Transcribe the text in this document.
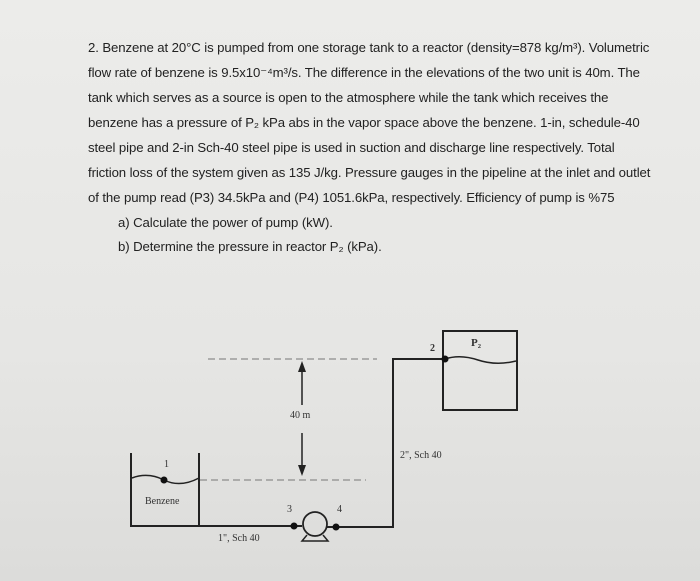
2. Benzene at 20°C is pumped from one storage tank to a reactor (density=878 kg/m³). Volumetric
flow rate of benzene is 9.5x10⁻⁴m³/s. The difference in the elevations of the two unit is 40m. The
tank which serves as a source is open to the atmosphere while the tank which receives the
benzene has a pressure of P₂ kPa abs in the vapor space above the benzene. 1-in, schedule-40
steel pipe and 2-in Sch-40 steel pipe is used in suction and discharge line respectively. Total
friction loss of the system given as 135 J/kg. Pressure gauges in the pipeline at the inlet and outlet
of the pump read (P3) 34.5kPa and (P4) 1051.6kPa, respectively. Efficiency of pump is %75
a) Calculate the power of pump (kW).
b) Determine the pressure in reactor P₂ (kPa).
1
Benzene
3	4
2	P₂
40 m
2", Sch 40
1", Sch 40
